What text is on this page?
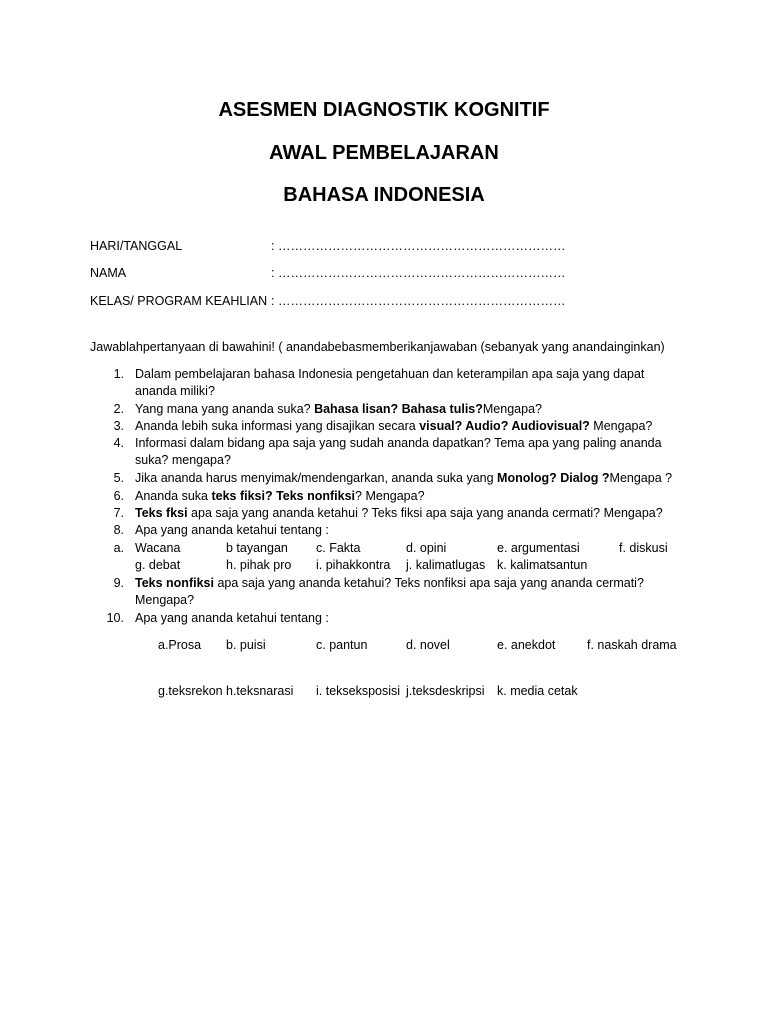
ASESMEN DIAGNOSTIK KOGNITIF
AWAL PEMBELAJARAN
BAHASA INDONESIA
HARI/TANGGAL	: ……………………………………………………………
NAMA	: ……………………………………………………………
KELAS/ PROGRAM KEAHLIAN : ……………………………………………………………
Jawablahpertanyaan di bawahini! ( anandabebasmemberikanjawaban (sebanyak yang anandainginkan)
1. Dalam pembelajaran bahasa Indonesia pengetahuan dan keterampilan apa saja yang dapat
ananda miliki?
2. Yang mana yang ananda suka? Bahasa lisan? Bahasa tulis?Mengapa?
3. Ananda lebih suka informasi yang disajikan secara visual? Audio? Audiovisual? Mengapa?
4. Informasi dalam bidang apa saja yang sudah ananda dapatkan? Tema apa yang paling ananda
suka? mengapa?
5. Jika ananda harus menyimak/mendengarkan, ananda suka yang Monolog? Dialog ?Mengapa ?
6. Ananda suka teks fiksi? Teks nonfiksi? Mengapa?
7. Teks fksi apa saja yang ananda ketahui ? Teks fiksi apa saja yang ananda cermati? Mengapa?
8. Apa yang ananda ketahui tentang :
a. Wacana	b tayangan c. Fakta	d. opini	e. argumentasi	f. diskusi
g. debat	h. pihak pro i. pihakkontra j. kalimatlugas k. kalimatsantun
9. Teks nonfiksi apa saja yang ananda ketahui? Teks nonfiksi apa saja yang ananda cermati?
Mengapa?
10. Apa yang ananda ketahui tentang :
a.Prosa b. puisi	c. pantun	d. novel	e. anekdot	f. naskah drama
g.teksrekon h.teksnarasi i. tekseksposisi j.teksdeskripsi k. media cetak
